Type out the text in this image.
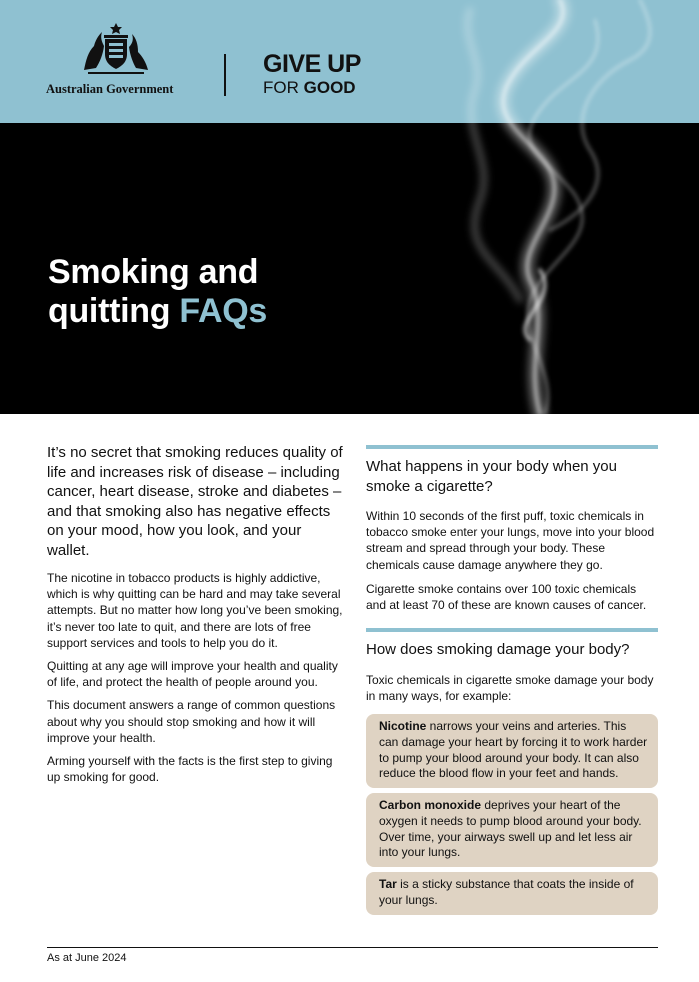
Australian Government
GIVE UP
FOR GOOD
Smoking and
quitting FAQs

It’s no secret that smoking reduces quality of life and increases risk of disease – including cancer, heart disease, stroke and diabetes – and that smoking also has negative effects on your mood, how you look, and your wallet.

The nicotine in tobacco products is highly addictive, which is why quitting can be hard and may take several attempts. But no matter how long you’ve been smoking, it’s never too late to quit, and there are lots of free support services and tools to help you do it.

Quitting at any age will improve your health and quality of life, and protect the health of people around you.

This document answers a range of common questions about why you should stop smoking and how it will improve your health.

Arming yourself with the facts is the first step to giving up smoking for good.

What happens in your body when you smoke a cigarette?

Within 10 seconds of the first puff, toxic chemicals in tobacco smoke enter your lungs, move into your blood stream and spread through your body. These chemicals cause damage anywhere they go.

Cigarette smoke contains over 100 toxic chemicals and at least 70 of these are known causes of cancer.

How does smoking damage your body?

Toxic chemicals in cigarette smoke damage your body in many ways, for example:

Nicotine narrows your veins and arteries. This can damage your heart by forcing it to work harder to pump your blood around your body. It can also reduce the blood flow in your feet and hands.
Carbon monoxide deprives your heart of the oxygen it needs to pump blood around your body. Over time, your airways swell up and let less air into your lungs.
Tar is a sticky substance that coats the inside of your lungs.
As at June 2024
